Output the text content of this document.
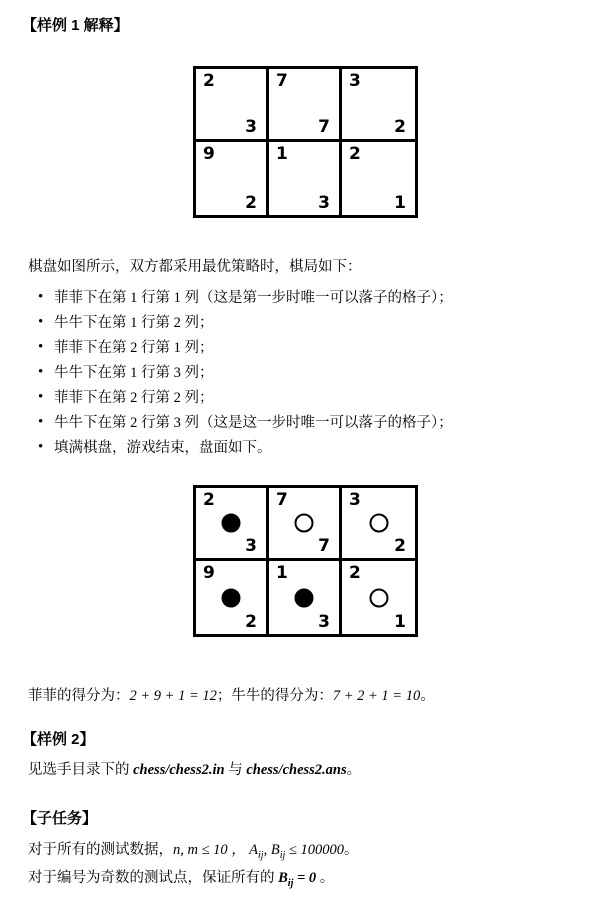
【样例 1 解释】
2
3
7
7
3
2
9
2
1
3
2
1
棋盘如图所示，双方都采用最优策略时，棋局如下：
• 菲菲下在第 1 行第 1 列（这是第一步时唯一可以落子的格子）；
• 牛牛下在第 1 行第 2 列；
• 菲菲下在第 2 行第 1 列；
• 牛牛下在第 1 行第 3 列；
• 菲菲下在第 2 行第 2 列；
• 牛牛下在第 2 行第 3 列（这是这一步时唯一可以落子的格子）；
• 填满棋盘，游戏结束，盘面如下。
2
3
7
7
3
2
9
2
1
3
2
1
菲菲的得分为：2 + 9 + 1 = 12；牛牛的得分为：7 + 2 + 1 = 10。
【样例 2】
见选手目录下的 chess/chess2.in 与 chess/chess2.ans。
【子任务】
对于所有的测试数据，n, m ≤ 10 ， $A_{ij}$, $B_{ij} \le 100000$。
对于编号为奇数的测试点，保证所有的 $B_{ij} = 0$ 。
